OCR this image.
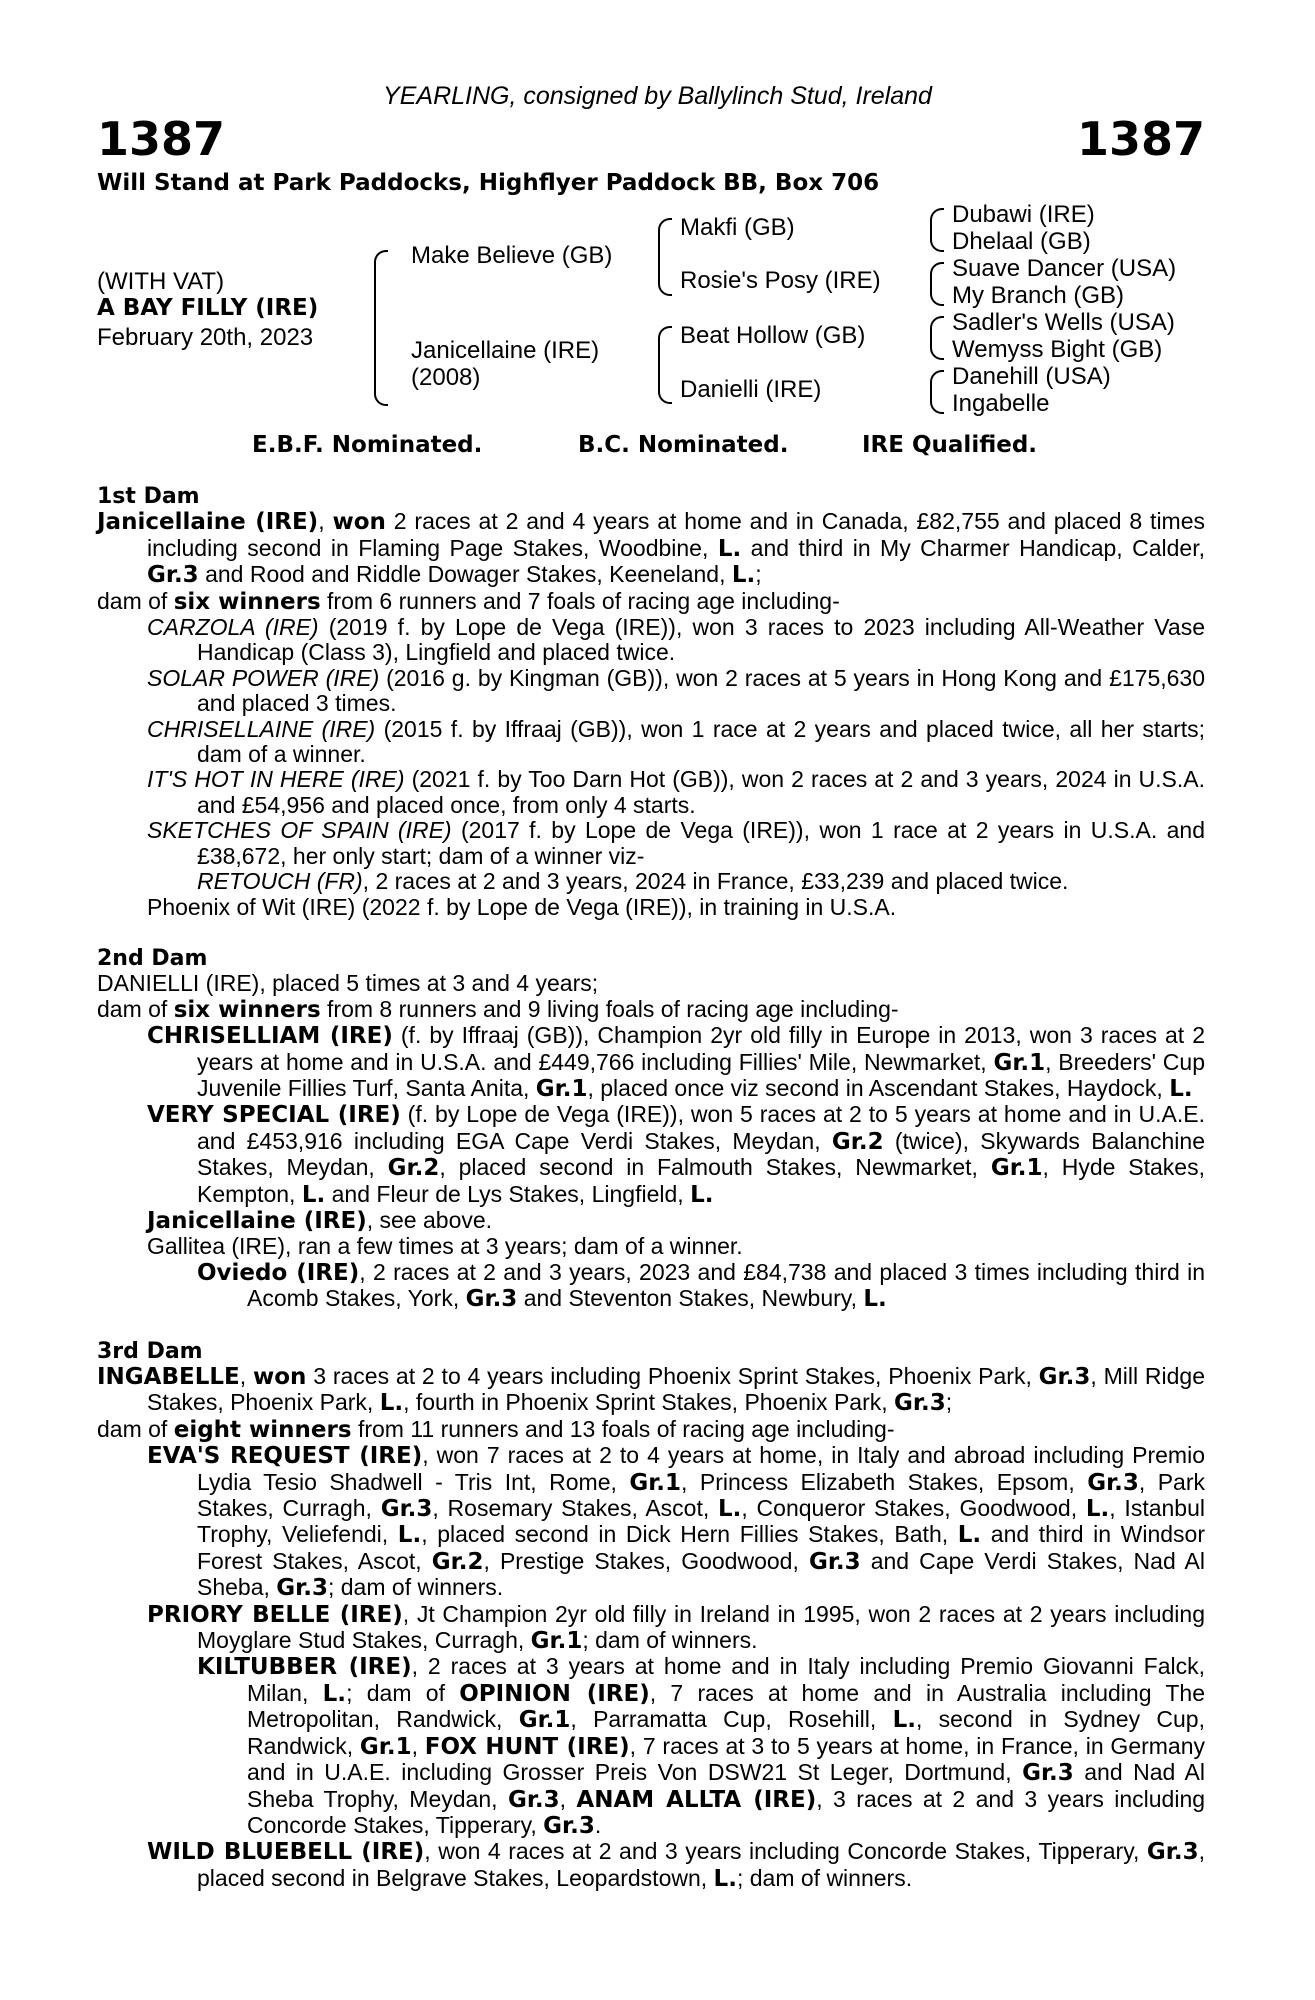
YEARLING, consigned by Ballylinch Stud, Ireland
1387	1387
Will Stand at Park Paddocks, Highflyer Paddock BB, Box 706
(WITH VAT)
A BAY FILLY (IRE)
February 20th, 2023
Make Believe (GB)
Janicellaine (IRE)
(2008)
Makfi (GB)
Rosie's Posy (IRE)
Beat Hollow (GB)
Danielli (IRE)
Dubawi (IRE)
Dhelaal (GB)
Suave Dancer (USA)
My Branch (GB)
Sadler's Wells (USA)
Wemyss Bight (GB)
Danehill (USA)
Ingabelle
E.B.F. Nominated.	B.C. Nominated.	IRE Qualified.

1st Dam

Janicellaine (IRE), won 2 races at 2 and 4 years at home and in Canada, £82,755 and placed 8 times including second in Flaming Page Stakes, Woodbine, L. and third in My Charmer Handicap, Calder, Gr.3 and Rood and Riddle Dowager Stakes, Keeneland, L.;

dam of six winners from 6 runners and 7 foals of racing age including-

CARZOLA (IRE) (2019 f. by Lope de Vega (IRE)), won 3 races to 2023 including All-Weather Vase Handicap (Class 3), Lingfield and placed twice.

SOLAR POWER (IRE) (2016 g. by Kingman (GB)), won 2 races at 5 years in Hong Kong and £175,630 and placed 3 times.

CHRISELLAINE (IRE) (2015 f. by Iffraaj (GB)), won 1 race at 2 years and placed twice, all her starts; dam of a winner.

IT'S HOT IN HERE (IRE) (2021 f. by Too Darn Hot (GB)), won 2 races at 2 and 3 years, 2024 in U.S.A. and £54,956 and placed once, from only 4 starts.

SKETCHES OF SPAIN (IRE) (2017 f. by Lope de Vega (IRE)), won 1 race at 2 years in U.S.A. and £38,672, her only start; dam of a winner viz-

RETOUCH (FR), 2 races at 2 and 3 years, 2024 in France, £33,239 and placed twice.

Phoenix of Wit (IRE) (2022 f. by Lope de Vega (IRE)), in training in U.S.A.

2nd Dam

DANIELLI (IRE), placed 5 times at 3 and 4 years;

dam of six winners from 8 runners and 9 living foals of racing age including-

CHRISELLIAM (IRE) (f. by Iffraaj (GB)), Champion 2yr old filly in Europe in 2013, won 3 races at 2 years at home and in U.S.A. and £449,766 including Fillies' Mile, Newmarket, Gr.1, Breeders' Cup Juvenile Fillies Turf, Santa Anita, Gr.1, placed once viz second in Ascendant Stakes, Haydock, L.

VERY SPECIAL (IRE) (f. by Lope de Vega (IRE)), won 5 races at 2 to 5 years at home and in U.A.E. and £453,916 including EGA Cape Verdi Stakes, Meydan, Gr.2 (twice), Skywards Balanchine Stakes, Meydan, Gr.2, placed second in Falmouth Stakes, Newmarket, Gr.1, Hyde Stakes, Kempton, L. and Fleur de Lys Stakes, Lingfield, L.

Janicellaine (IRE), see above.

Gallitea (IRE), ran a few times at 3 years; dam of a winner.

Oviedo (IRE), 2 races at 2 and 3 years, 2023 and £84,738 and placed 3 times including third in Acomb Stakes, York, Gr.3 and Steventon Stakes, Newbury, L.

3rd Dam

INGABELLE, won 3 races at 2 to 4 years including Phoenix Sprint Stakes, Phoenix Park, Gr.3, Mill Ridge Stakes, Phoenix Park, L., fourth in Phoenix Sprint Stakes, Phoenix Park, Gr.3;

dam of eight winners from 11 runners and 13 foals of racing age including-

EVA'S REQUEST (IRE), won 7 races at 2 to 4 years at home, in Italy and abroad including Premio Lydia Tesio Shadwell - Tris Int, Rome, Gr.1, Princess Elizabeth Stakes, Epsom, Gr.3, Park Stakes, Curragh, Gr.3, Rosemary Stakes, Ascot, L., Conqueror Stakes, Goodwood, L., Istanbul Trophy, Veliefendi, L., placed second in Dick Hern Fillies Stakes, Bath, L. and third in Windsor Forest Stakes, Ascot, Gr.2, Prestige Stakes, Goodwood, Gr.3 and Cape Verdi Stakes, Nad Al Sheba, Gr.3; dam of winners.

PRIORY BELLE (IRE), Jt Champion 2yr old filly in Ireland in 1995, won 2 races at 2 years including Moyglare Stud Stakes, Curragh, Gr.1; dam of winners.

KILTUBBER (IRE), 2 races at 3 years at home and in Italy including Premio Giovanni Falck, Milan, L.; dam of OPINION (IRE), 7 races at home and in Australia including The Metropolitan, Randwick, Gr.1, Parramatta Cup, Rosehill, L., second in Sydney Cup, Randwick, Gr.1, FOX HUNT (IRE), 7 races at 3 to 5 years at home, in France, in Germany and in U.A.E. including Grosser Preis Von DSW21 St Leger, Dortmund, Gr.3 and Nad Al Sheba Trophy, Meydan, Gr.3, ANAM ALLTA (IRE), 3 races at 2 and 3 years including Concorde Stakes, Tipperary, Gr.3.

WILD BLUEBELL (IRE), won 4 races at 2 and 3 years including Concorde Stakes, Tipperary, Gr.3, placed second in Belgrave Stakes, Leopardstown, L.; dam of winners.
